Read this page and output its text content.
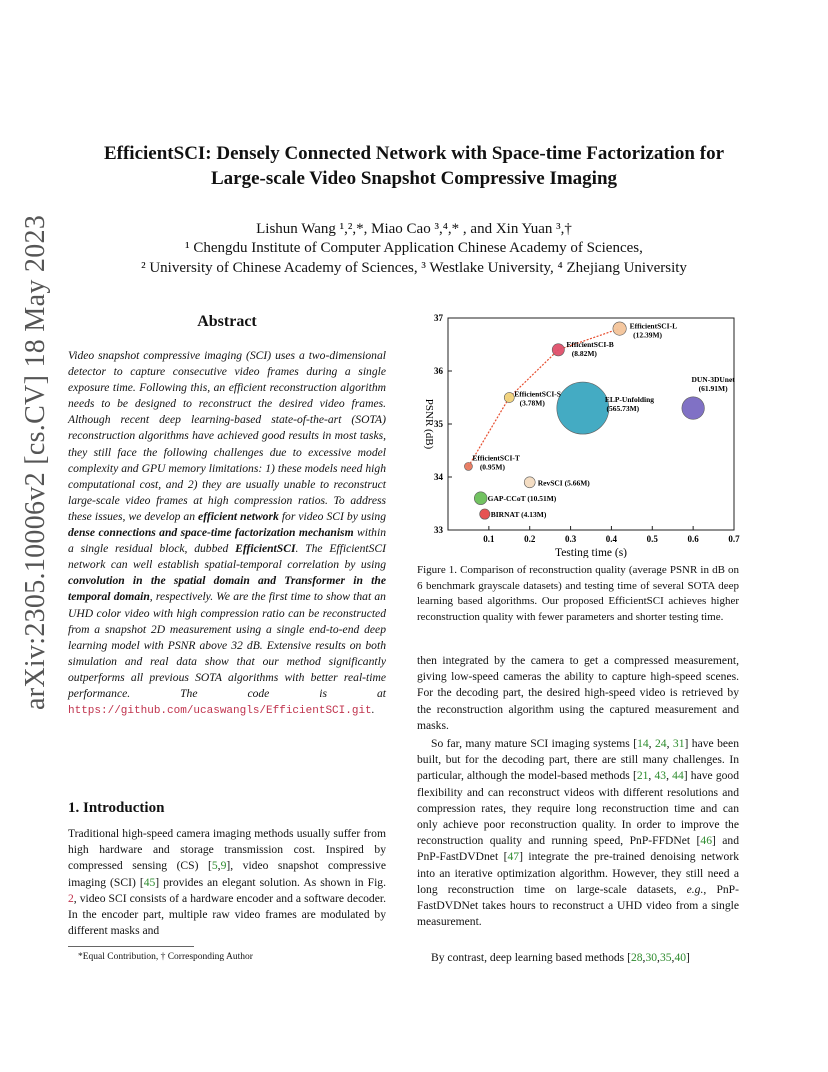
arXiv:2305.10006v2 [cs.CV] 18 May 2023
EfficientSCI: Densely Connected Network with Space-time Factorization for
Large-scale Video Snapshot Compressive Imaging
Lishun Wang ¹,²,*, Miao Cao ³,⁴,* , and Xin Yuan ³,†
¹ Chengdu Institute of Computer Application Chinese Academy of Sciences,
² University of Chinese Academy of Sciences, ³ Westlake University, ⁴ Zhejiang University
Abstract
Video snapshot compressive imaging (SCI) uses a two-dimensional detector to capture consecutive video frames during a single exposure time. Following this, an efficient reconstruction algorithm needs to be designed to reconstruct the desired video frames. Although recent deep learning-based state-of-the-art (SOTA) reconstruction algorithms have achieved good results in most tasks, they still face the following challenges due to excessive model complexity and GPU memory limitations: 1) these models need high computational cost, and 2) they are usually unable to reconstruct large-scale video frames at high compression ratios. To address these issues, we develop an efficient network for video SCI by using dense connections and space-time factorization mechanism within a single residual block, dubbed EfficientSCI. The EfficientSCI network can well establish spatial-temporal correlation by using convolution in the spatial domain and Transformer in the temporal domain, respectively. We are the first time to show that an UHD color video with high compression ratio can be reconstructed from a snapshot 2D measurement using a single end-to-end deep learning model with PSNR above 32 dB. Extensive results on both simulation and real data show that our method significantly outperforms all previous SOTA algorithms with better real-time performance. The code is at https://github.com/ucaswangls/EfficientSCI.git.
1. Introduction
Traditional high-speed camera imaging methods usually suffer from high hardware and storage transmission cost. Inspired by compressed sensing (CS) [5,9], video snapshot compressive imaging (SCI) [45] provides an elegant solution. As shown in Fig. 2, video SCI consists of a hardware encoder and a software decoder. In the encoder part, multiple raw video frames are modulated by different masks and
*Equal Contribution, † Corresponding Author
0.1	0.2	0.3	0.4	0.5	0.6	0.7
33
34
35
36
37
Testing time (s)
PSNR (dB)
EfficientSCI-T
(0.95M)
EfficientSCI-S
(3.78M)
EfficientSCI-B
(8.82M)
EfficientSCI-L
(12.39M)
ELP-Unfolding
(565.73M)
DUN-3DUnet
(61.91M)
RevSCI (5.66M)
GAP-CCoT (10.51M)
BIRNAT (4.13M)
Figure 1. Comparison of reconstruction quality (average PSNR in dB on 6 benchmark grayscale datasets) and testing time of several SOTA deep learning based algorithms. Our proposed EfficientSCI achieves higher reconstruction quality with fewer parameters and shorter testing time.
then integrated by the camera to get a compressed measurement, giving low-speed cameras the ability to capture high-speed scenes. For the decoding part, the desired high-speed video is retrieved by the reconstruction algorithm using the captured measurement and masks.
So far, many mature SCI imaging systems [14, 24, 31] have been built, but for the decoding part, there are still many challenges. In particular, although the model-based methods [21, 43, 44] have good flexibility and can reconstruct videos with different resolutions and compression rates, they require long reconstruction time and can only achieve poor reconstruction quality. In order to improve the reconstruction quality and running speed, PnP-FFDNet [46] and PnP-FastDVDnet [47] integrate the pre-trained denoising network into an iterative optimization algorithm. However, they still need a long reconstruction time on large-scale datasets, e.g., PnP-FastDVDNet takes hours to reconstruct a UHD video from a single measurement.
By contrast, deep learning based methods [28,30,35,40]
